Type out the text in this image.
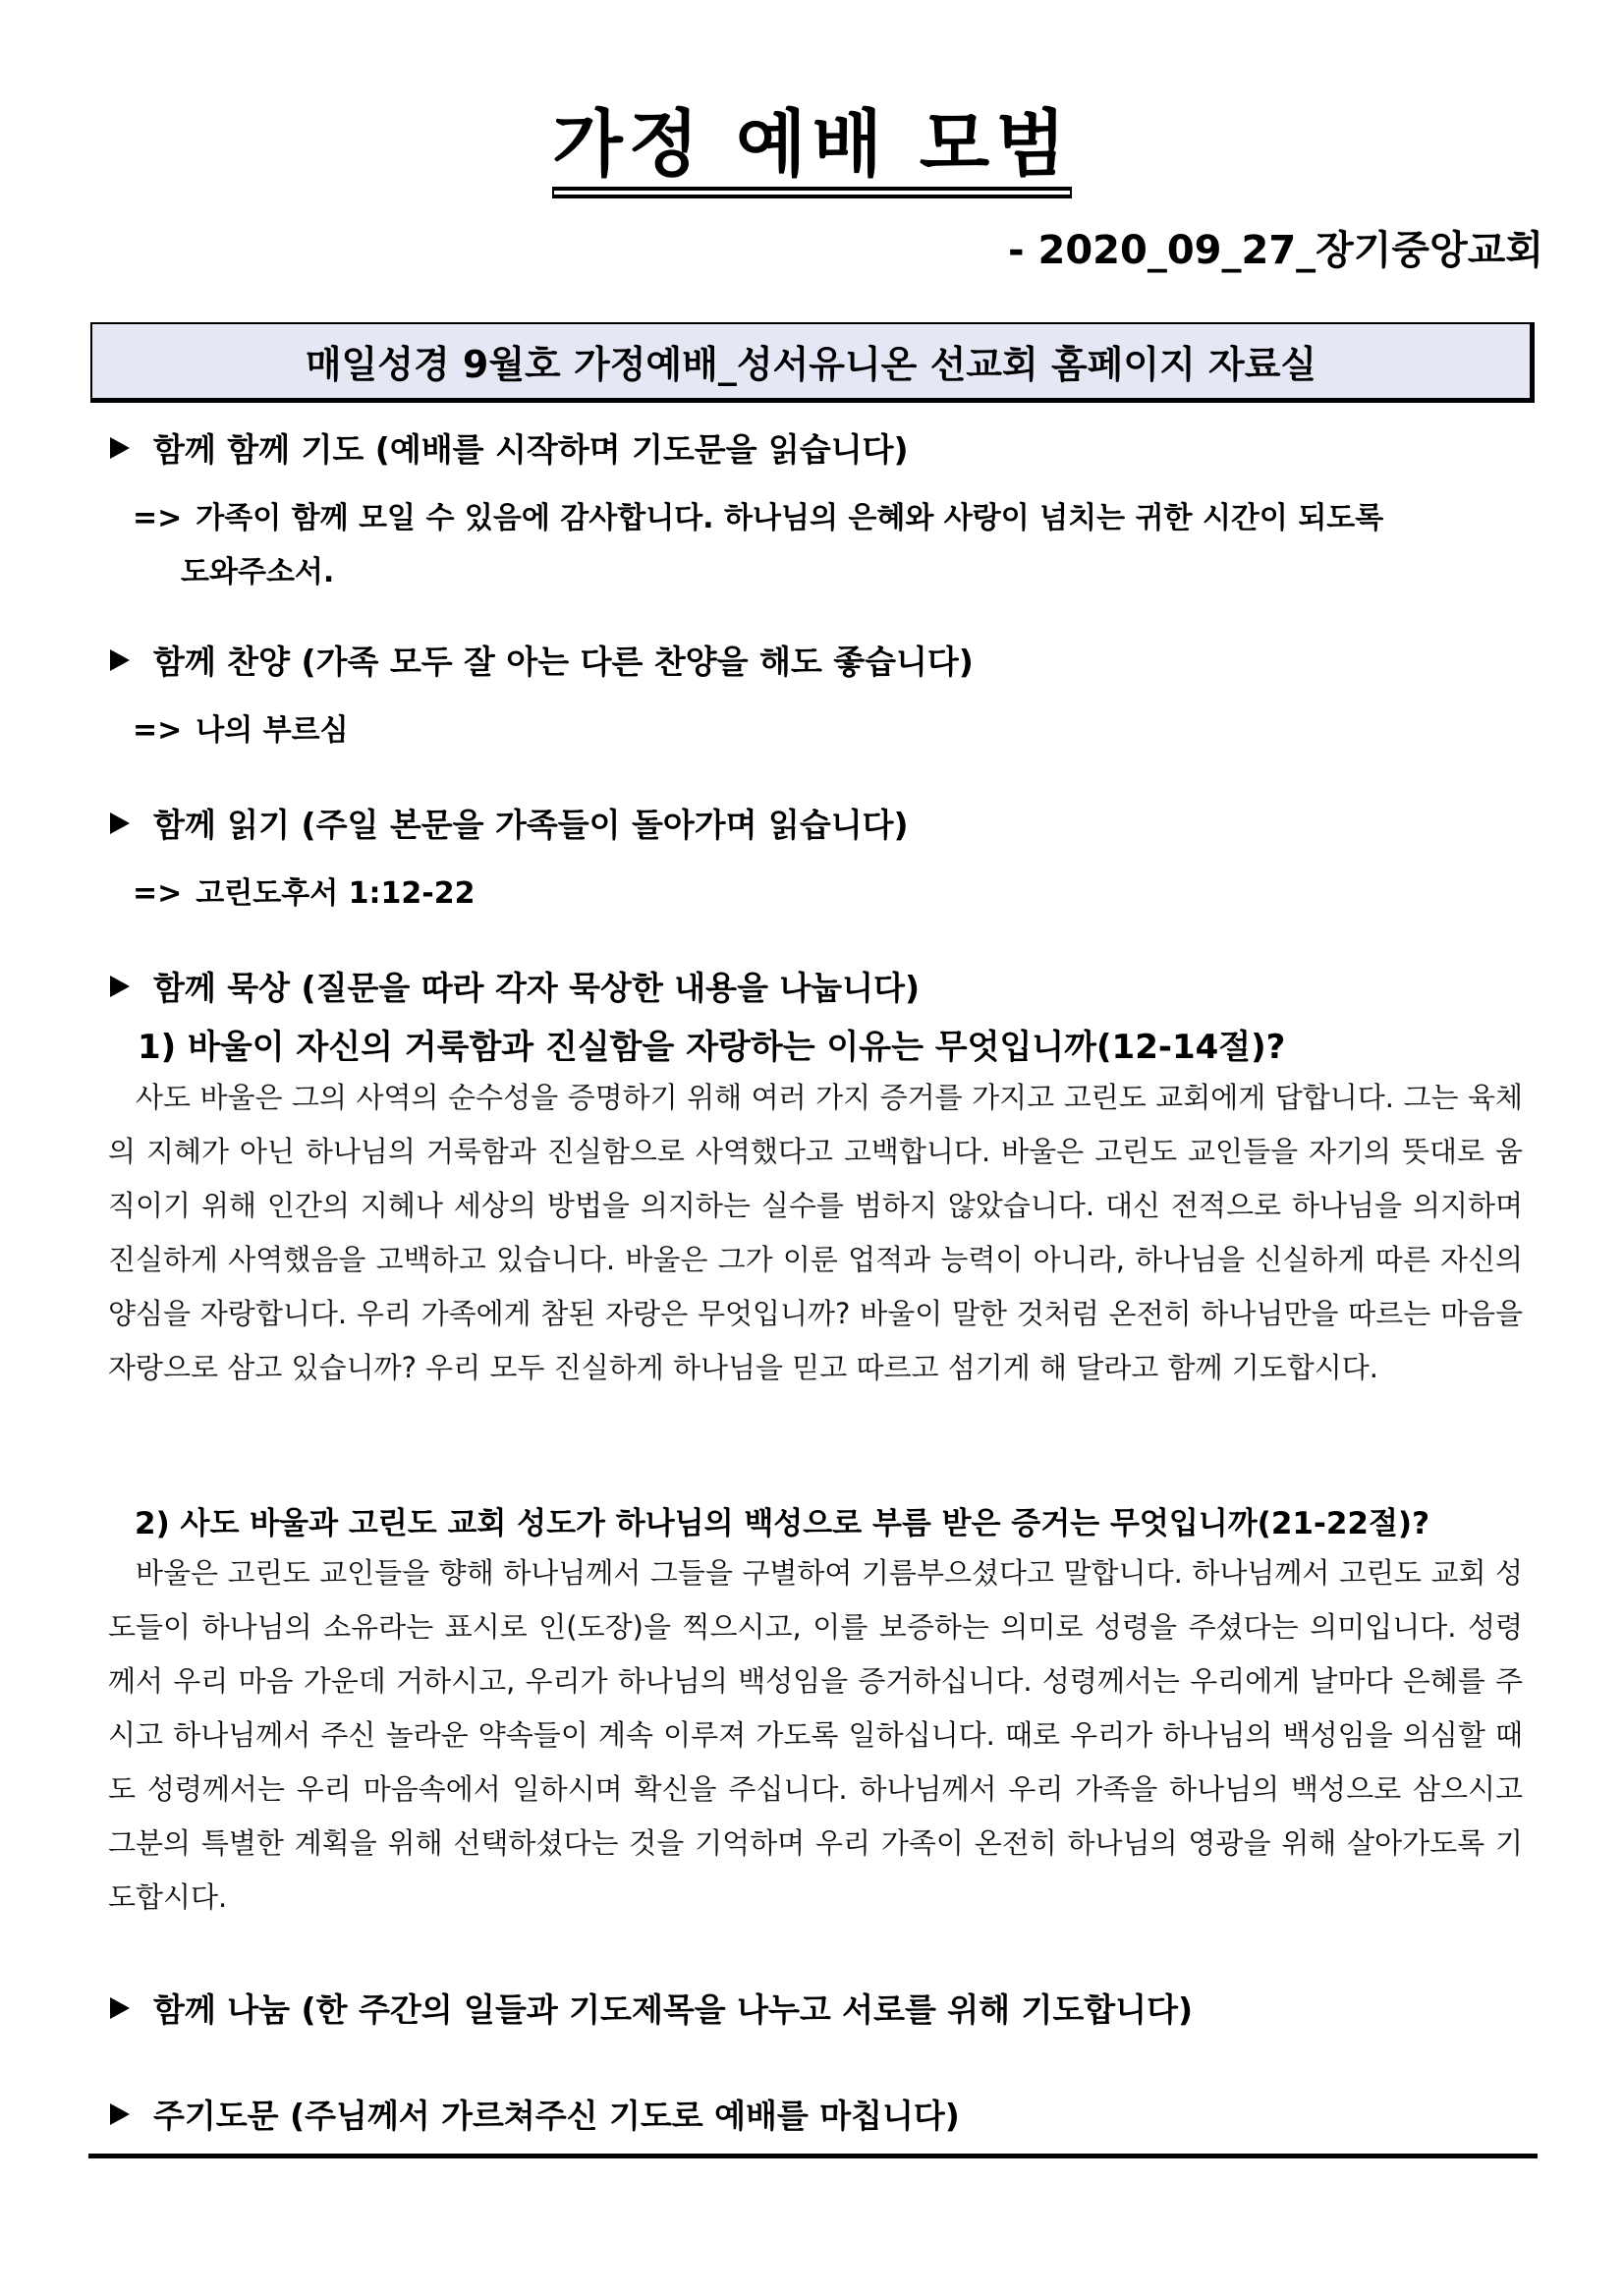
가정 예배 모범
- 2020_09_27_장기중앙교회
매일성경 9월호 가정예배_성서유니온 선교회 홈페이지 자료실
함께 함께 기도 (예배를 시작하며 기도문을 읽습니다)
=> 가족이 함께 모일 수 있음에 감사합니다. 하나님의 은혜와 사랑이 넘치는 귀한 시간이 되도록
도와주소서.
함께 찬양 (가족 모두 잘 아는 다른 찬양을 해도 좋습니다)
=> 나의 부르심
함께 읽기 (주일 본문을 가족들이 돌아가며 읽습니다)
=> 고린도후서 1:12-22
함께 묵상 (질문을 따라 각자 묵상한 내용을 나눕니다)
1) 바울이 자신의 거룩함과 진실함을 자랑하는 이유는 무엇입니까(12-14절)?
사도 바울은 그의 사역의 순수성을 증명하기 위해 여러 가지 증거를 가지고 고린도 교회에게 답합니다. 그는 육체의 지혜가 아닌 하나님의 거룩함과 진실함으로 사역했다고 고백합니다. 바울은 고린도 교인들을 자기의 뜻대로 움직이기 위해 인간의 지혜나 세상의 방법을 의지하는 실수를 범하지 않았습니다. 대신 전적으로 하나님을 의지하며 진실하게 사역했음을 고백하고 있습니다. 바울은 그가 이룬 업적과 능력이 아니라, 하나님을 신실하게 따른 자신의 양심을 자랑합니다. 우리 가족에게 참된 자랑은 무엇입니까? 바울이 말한 것처럼 온전히 하나님만을 따르는 마음을 자랑으로 삼고 있습니까? 우리 모두 진실하게 하나님을 믿고 따르고 섬기게 해 달라고 함께 기도합시다.
2) 사도 바울과 고린도 교회 성도가 하나님의 백성으로 부름 받은 증거는 무엇입니까(21-22절)?
바울은 고린도 교인들을 향해 하나님께서 그들을 구별하여 기름부으셨다고 말합니다. 하나님께서 고린도 교회 성도들이 하나님의 소유라는 표시로 인(도장)을 찍으시고, 이를 보증하는 의미로 성령을 주셨다는 의미입니다. 성령께서 우리 마음 가운데 거하시고, 우리가 하나님의 백성임을 증거하십니다. 성령께서는 우리에게 날마다 은혜를 주시고 하나님께서 주신 놀라운 약속들이 계속 이루져 가도록 일하십니다. 때로 우리가 하나님의 백성임을 의심할 때도 성령께서는 우리 마음속에서 일하시며 확신을 주십니다. 하나님께서 우리 가족을 하나님의 백성으로 삼으시고 그분의 특별한 계획을 위해 선택하셨다는 것을 기억하며 우리 가족이 온전히 하나님의 영광을 위해 살아가도록 기도합시다.
함께 나눔 (한 주간의 일들과 기도제목을 나누고 서로를 위해 기도합니다)
주기도문 (주님께서 가르쳐주신 기도로 예배를 마칩니다)
